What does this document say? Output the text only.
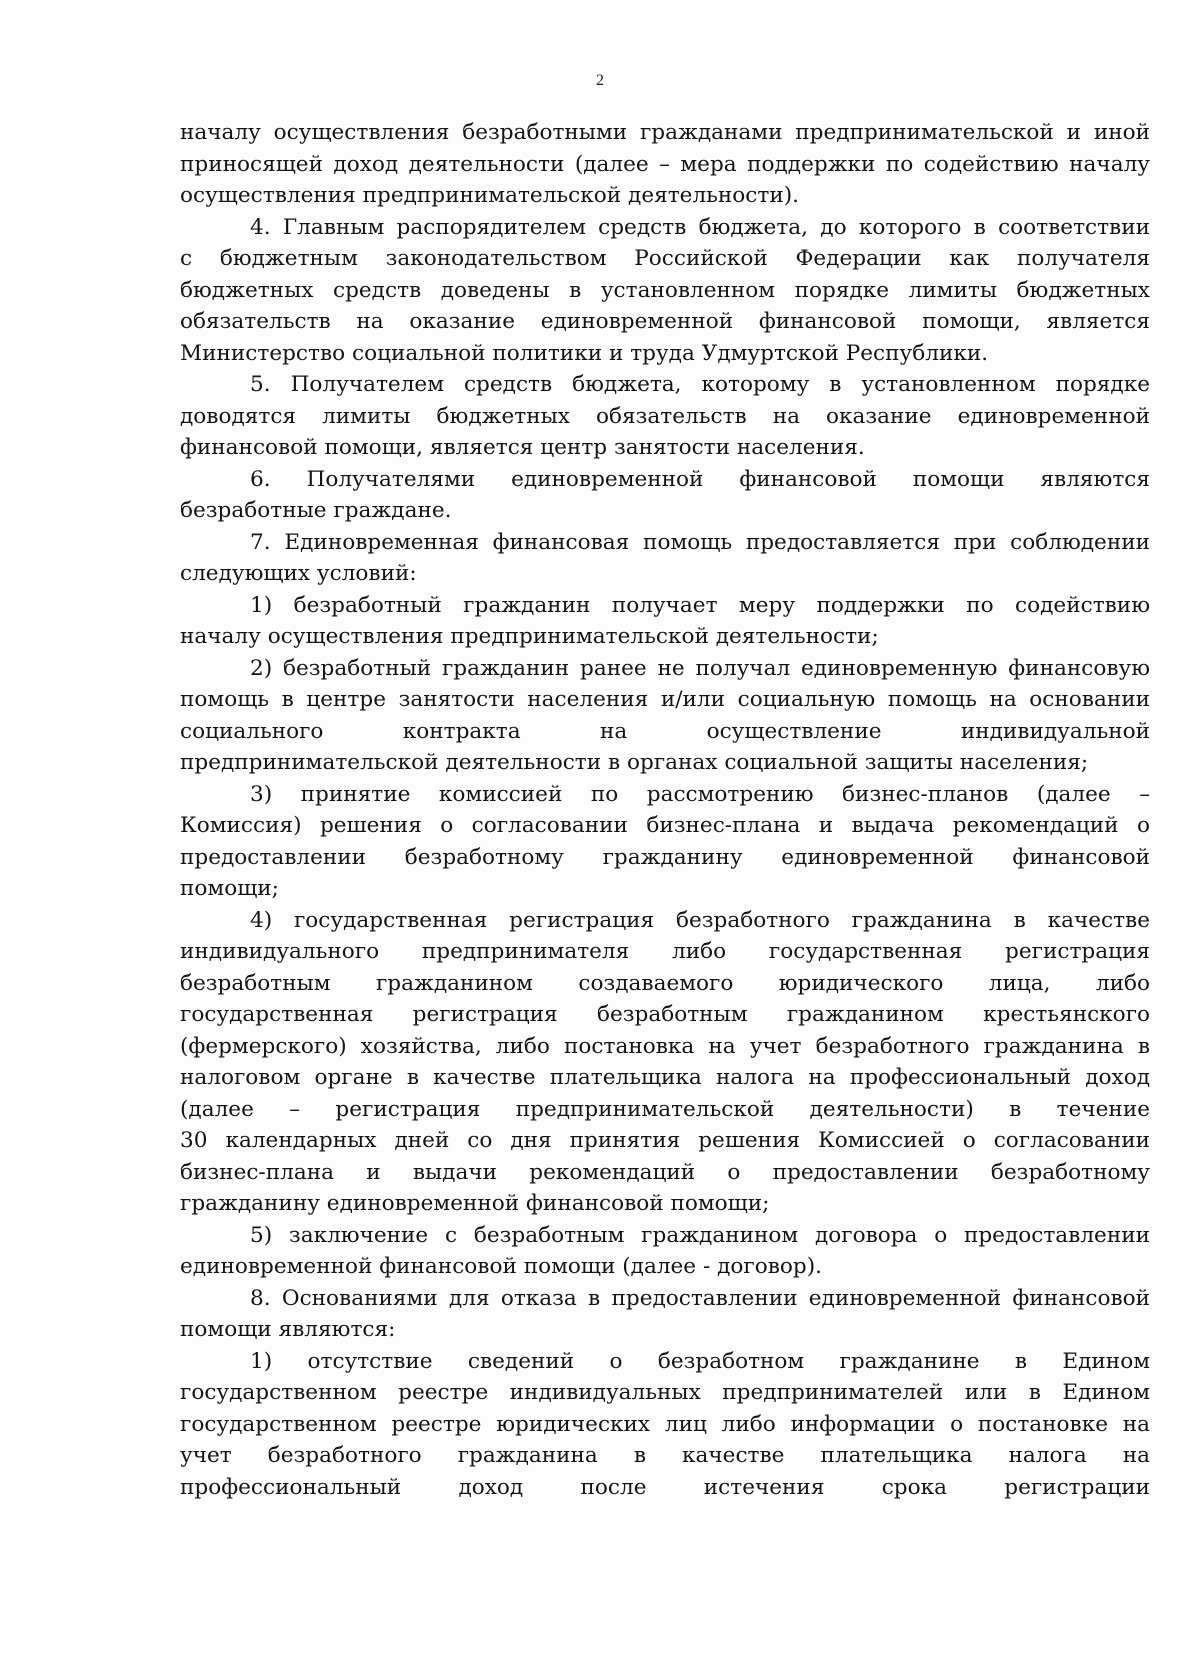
2
началу осуществления безработными гражданами предпринимательской и иной
приносящей доход деятельности (далее – мера поддержки по содействию началу
осуществления предпринимательской деятельности).
4. Главным распорядителем средств бюджета, до которого в соответствии
с бюджетным законодательством Российской Федерации как получателя
бюджетных средств доведены в установленном порядке лимиты бюджетных
обязательств на оказание единовременной финансовой помощи, является
Министерство социальной политики и труда Удмуртской Республики.
5. Получателем средств бюджета, которому в установленном порядке
доводятся лимиты бюджетных обязательств на оказание единовременной
финансовой помощи, является центр занятости населения.
6. Получателями единовременной финансовой помощи являются
безработные граждане.
7. Единовременная финансовая помощь предоставляется при соблюдении
следующих условий:
1) безработный гражданин получает меру поддержки по содействию
началу осуществления предпринимательской деятельности;
2) безработный гражданин ранее не получал единовременную финансовую
помощь в центре занятости населения и/или социальную помощь на основании
социального контракта на осуществление индивидуальной
предпринимательской деятельности в органах социальной защиты населения;
3) принятие комиссией по рассмотрению бизнес-планов (далее –
Комиссия) решения о согласовании бизнес-плана и выдача рекомендаций о
предоставлении безработному гражданину единовременной финансовой
помощи;
4) государственная регистрация безработного гражданина в качестве
индивидуального предпринимателя либо государственная регистрация
безработным гражданином создаваемого юридического лица, либо
государственная регистрация безработным гражданином крестьянского
(фермерского) хозяйства, либо постановка на учет безработного гражданина в
налоговом органе в качестве плательщика налога на профессиональный доход
(далее – регистрация предпринимательской деятельности) в течение
30 календарных дней со дня принятия решения Комиссией о согласовании
бизнес-плана и выдачи рекомендаций о предоставлении безработному
гражданину единовременной финансовой помощи;
5) заключение с безработным гражданином договора о предоставлении
единовременной финансовой помощи (далее - договор).
8. Основаниями для отказа в предоставлении единовременной финансовой
помощи являются:
1) отсутствие сведений о безработном гражданине в Едином
государственном реестре индивидуальных предпринимателей или в Едином
государственном реестре юридических лиц либо информации о постановке на
учет безработного гражданина в качестве плательщика налога на
профессиональный доход после истечения срока регистрации
